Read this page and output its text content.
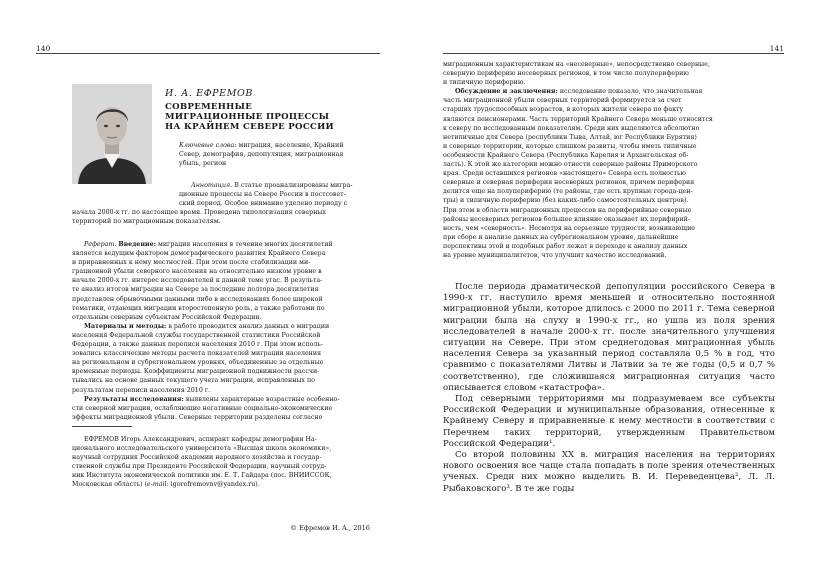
140
И. А. ЕФРЕМОВ
СОВРЕМЕННЫЕ
МИГРАЦИОННЫЕ ПРОЦЕССЫ
НА КРАЙНЕМ СЕВЕРЕ РОССИИ

Ключевые слова: миграция, население, Крайний

Север, демография, депопуляция, миграционная

убыль, регион

Аннотация. В статье проанализированы мигра-

ционные процессы на Севере России в постсовет-

ский период. Особое внимание уделено периоду с

начала 2000-х гг. по настоящее время. Проведена типологизация северных

территорий по миграционным показателям.

Реферат. Введение: миграция населения в течение многих десятилетий

является ведущим фактором демографического развития Крайнего Севера

и приравненных к нему местностей. При этом после стабилизации ми-

грационной убыли северного населения на относительно низком уровне в

начале 2000-х гг. интерес исследователей к данной теме угас. В результа-

те анализ итогов миграции на Севере за последние полтора десятилетия

представлен обрывочными данными либо в исследованиях более широкой

тематики, отдающих миграции второстепенную роль, а также работами по

отдельным северным субъектам Российской Федерации.

Материалы и методы: в работе проводится анализ данных о миграции

населения Федеральной службы государственной статистики Российской

Федерации, а также данных переписи населения 2010 г. При этом исполь-

зовались классические методы расчета показателей миграции населения

на региональном и субрегиональном уровнях, объединенные за отдельные

временные периоды. Коэффициенты миграционной подвижности рассчи-

тывались на основе данных текущего учета миграции, исправленных по

результатам переписи населения 2010 г.

Результаты исследования: выявлены характерные возрастные особенно-

сти северной миграции, ослабляющие негативные социально-экономические

эффекты миграционной убыли. Северные территории разделены согласно

ЕФРЕМОВ Игорь Александрович, аспирант кафедры демографии На-

ционального исследовательского университета «Высшая школа экономики»,

научный сотрудник Российской академии народного хозяйства и государ-

ственной службы при Президенте Российской Федерации, научный сотруд-

ник Института экономической политики им. Е. Т. Гайдара (пос. ВНИИССОК,

Московская область) (e-mail: igorefremovnv@yandex.ru).

© Ефремов И. А., 2016
141

миграционным характеристикам на «несеверные», непосредственно северные,

северную периферию несеверных регионов, в том числе полупериферию

и типичную периферию.

Обсуждение и заключения: исследование показало, что значительная

часть миграционной убыли северных территорий формируется за счет

старших трудоспособных возрастов, в которых жители севера по факту

являются пенсионерами. Часть территорий Крайнего Севера меньше относится

к северу по исследованным показателям. Среди них выделяются абсолютно

нетипичные для Севера (республики Тыва, Алтай, юг Республики Бурятия)

и северные территории, которые слишком развиты, чтобы иметь типичные

особенности Крайнего Севера (Республика Карелия и Архангельская об-

ласть). К этой же категории можно отнести северные районы Приморского

края. Среди оставшихся регионов «настоящего» Севера есть полностью

северные и северная периферия несеверных регионов, причем периферия

делится еще на полупериферию (те районы, где есть крупные города-цен-

тры) и типичную периферию (без каких-либо самостоятельных центров).

При этом в области миграционных процессов на периферийные северные

районы несеверных регионов большее влияние оказывает их перифирий-

ность, чем «северность». Несмотря на серьезные трудности, возникающие

при сборе и анализе данных на субрегиональном уровне, дальнейшие

перспективы этой и подобных работ лежат в переходе к анализу данных

на уровне муниципалитетов, что улучшит качество исследований.

После периода драматической депопуляции российского Севера в 1990-х гг. наступило время меньшей и относительно постоянной миграционной убыли, которое длилось с 2000 по 2011 г. Тема северной миграции была на слуху в 1990-х гг., но ушла из поля зрения исследователей в начале 2000-х гг. после значительного улучшения ситуации на Севере. При этом среднегодовая миграционная убыль населения Севера за указанный период составляла 0,5 % в год, что сравнимо с показателями Литвы и Латвии за те же годы (0,5 и 0,7 % соответственно), где сложившаяся миграционная ситуация часто описывается словом «катастрофа».

Под северными территориями мы подразумеваем все субъекты Российской Федерации и муниципальные образования, отнесенные к Крайнему Северу и приравненные к нему местности в соответствии с Перечнем таких территорий, утвержденным Правительством Российской Федерации¹.

Со второй половины XX в. миграция населения на территориях нового освоения все чаще стала попадать в поле зрения отечественных ученых. Среди них можно выделить В. И. Переведенцева², Л. Л. Рыбаковского³. В те же годы
